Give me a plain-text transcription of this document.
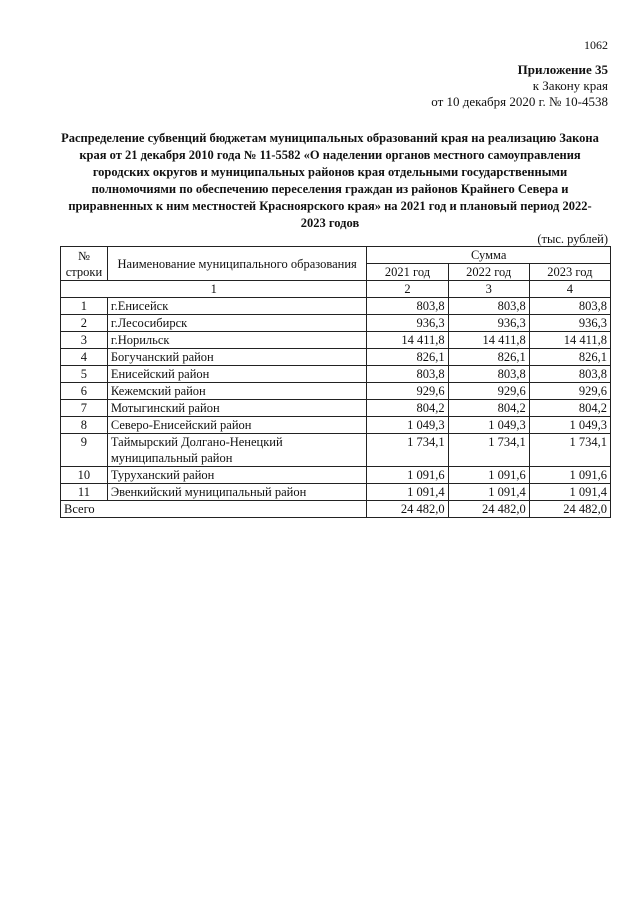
1062
Приложение 35
к Закону края
от 10 декабря 2020 г. № 10-4538
Распределение субвенций бюджетам муниципальных образований края на реализацию Закона края от 21 декабря 2010 года № 11-5582 «О наделении органов местного самоуправления городских округов и муниципальных районов края отдельными государственными полномочиями по обеспечению переселения граждан из районов Крайнего Севера и приравненных к ним местностей Красноярского края» на 2021 год и плановый период 2022-2023 годов
(тыс. рублей)
№ строки	Наименование муниципального образования	Сумма		
		2021 год	2022 год	2023 год
1		2	3	4
1	г.Енисейск	803,8	803,8	803,8
2	г.Лесосибирск	936,3	936,3	936,3
3	г.Норильск	14 411,8	14 411,8	14 411,8
4	Богучанский район	826,1	826,1	826,1
5	Енисейский район	803,8	803,8	803,8
6	Кежемский район	929,6	929,6	929,6
7	Мотыгинский район	804,2	804,2	804,2
8	Северо-Енисейский район	1 049,3	1 049,3	1 049,3
9	Таймырский Долгано-Ненецкий муниципальный район	1 734,1	1 734,1	1 734,1
10	Туруханский район	1 091,6	1 091,6	1 091,6
11	Эвенкийский муниципальный район	1 091,4	1 091,4	1 091,4
Всего		24 482,0	24 482,0	24 482,0
